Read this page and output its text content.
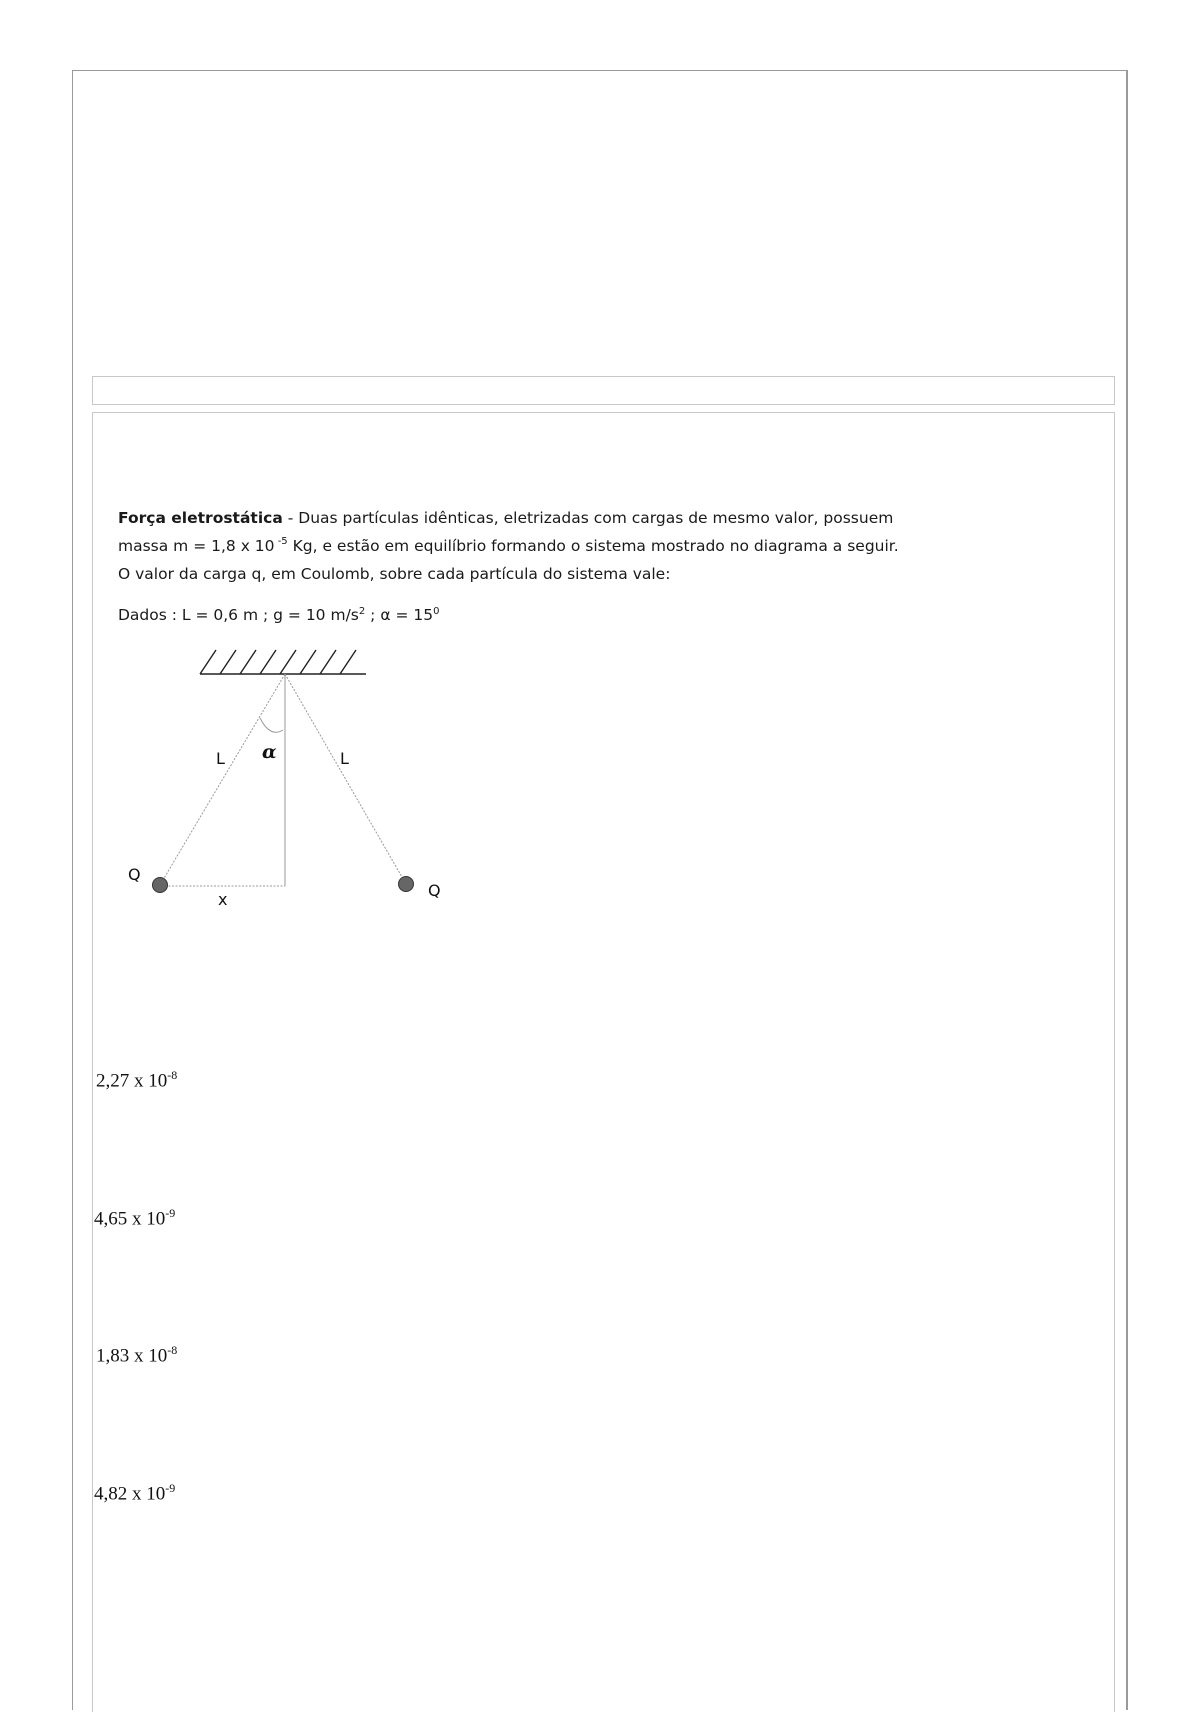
Força eletrostática - Duas partículas idênticas, eletrizadas com cargas de mesmo valor, possuem

massa m = 1,8 x 10 $^{-5}$ Kg, e estão em equilíbrio formando o sistema mostrado no diagrama a seguir.

O valor da carga q, em Coulomb, sobre cada partícula do sistema vale:

Dados : L = 0,6 m ; g = 10 $m/s^2$ ; $\alpha = 15^0$
L	L
α
Q
Q
x
2,27 x $10^{-8}$
4,65 x $10^{-9}$
1,83 x $10^{-8}$
4,82 x $10^{-9}$
